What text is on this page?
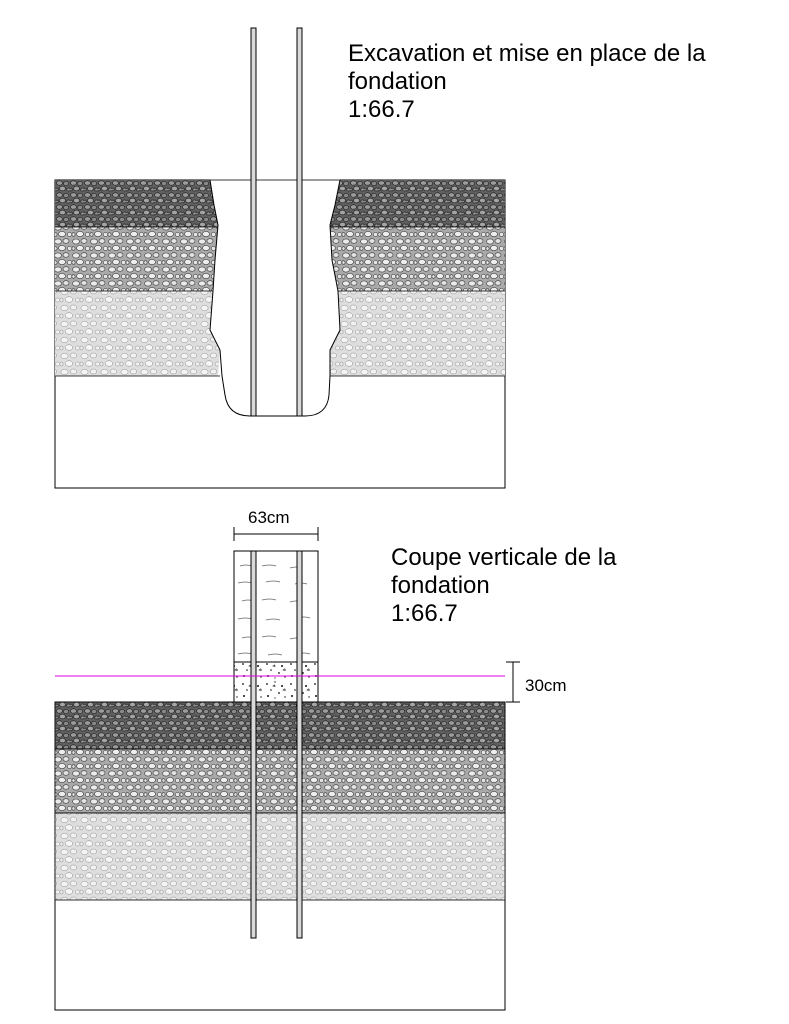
Excavation et mise en place de la
fondation
1:66.7
Coupe verticale de la
fondation
1:66.7
63cm
30cm
